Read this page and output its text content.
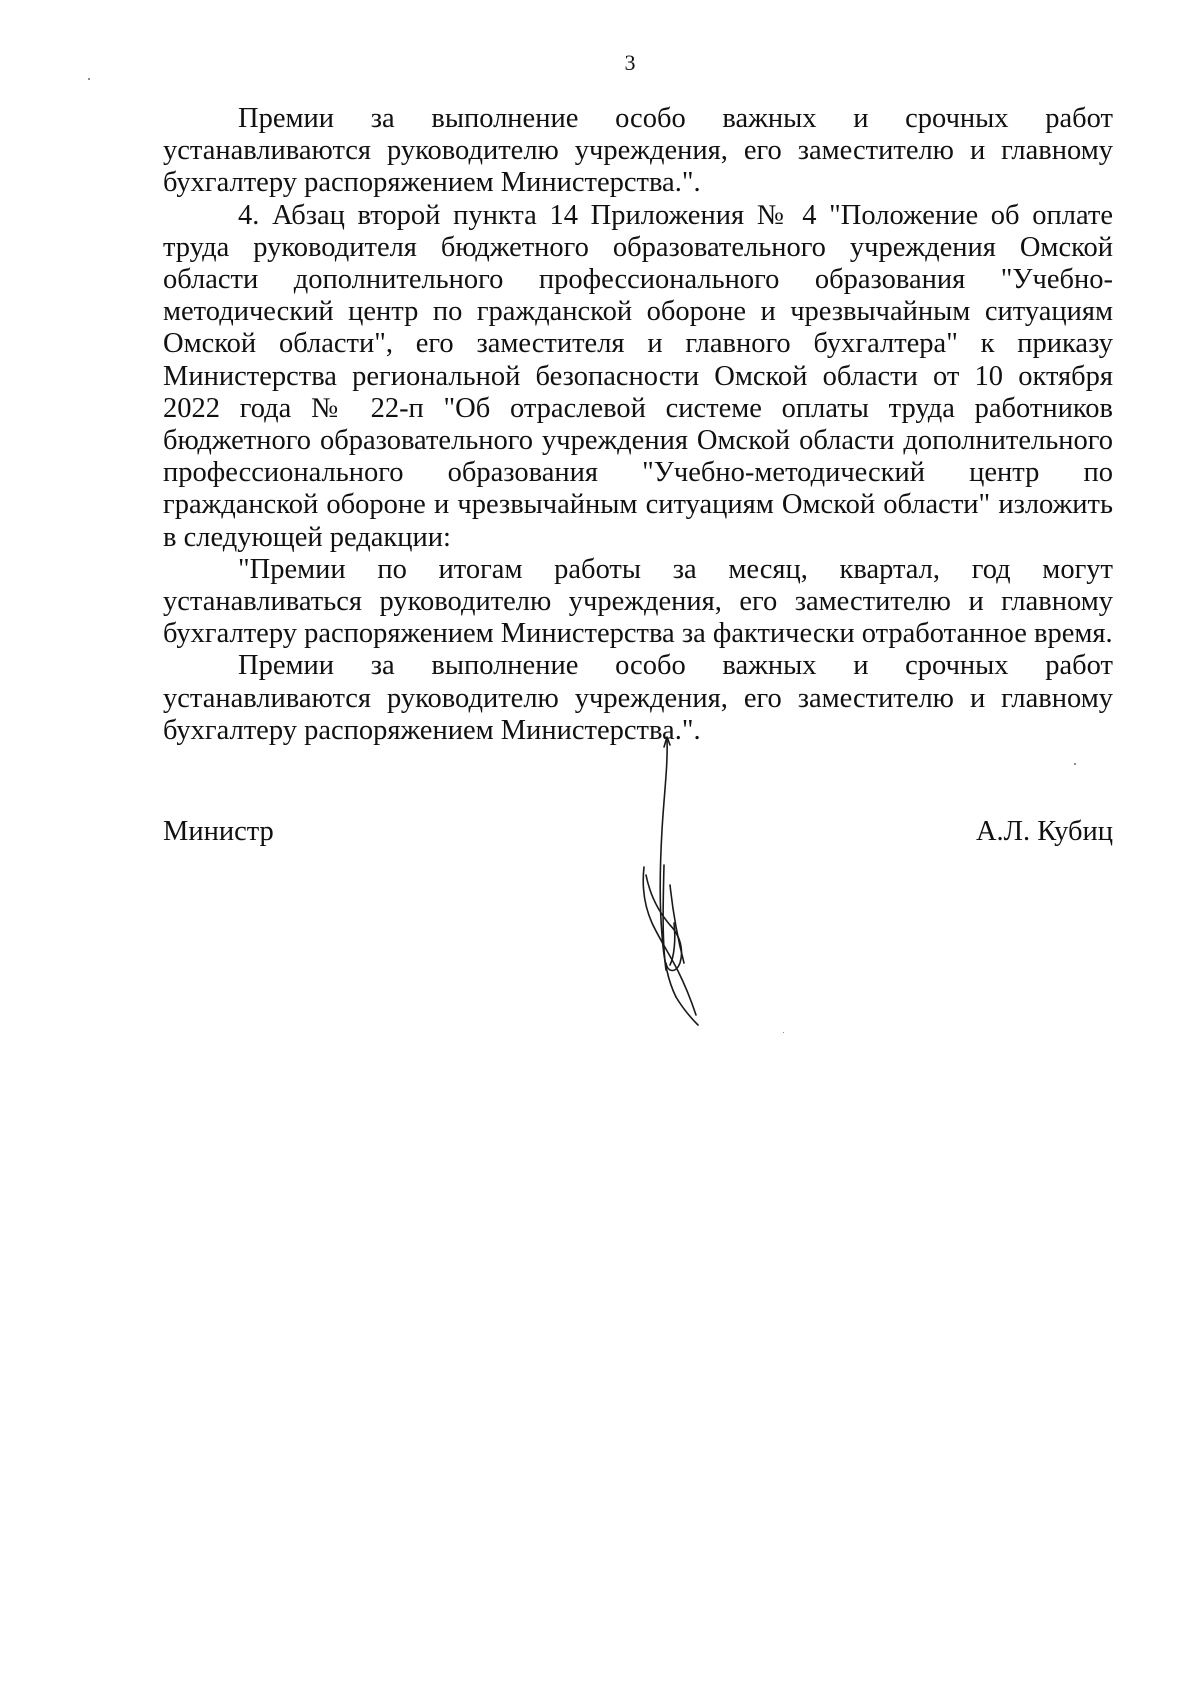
3

Премии за выполнение особо важных и срочных работ устанавливаются руководителю учреждения, его заместителю и главному бухгалтеру распоряжением Министерства.".

4. Абзац второй пункта 14 Приложения № 4 "Положение об оплате труда руководителя бюджетного образовательного учреждения Омской области дополнительного профессионального образования "Учебно-методический центр по гражданской обороне и чрезвычайным ситуациям Омской области", его заместителя и главного бухгалтера" к приказу Министерства региональной безопасности Омской области от 10 октября 2022 года № 22-п "Об отраслевой системе оплаты труда работников бюджетного образовательного учреждения Омской области дополнительного профессионального образования "Учебно-методический центр по гражданской обороне и чрезвычайным ситуациям Омской области" изложить в следующей редакции:

"Премии по итогам работы за месяц, квартал, год могут устанавливаться руководителю учреждения, его заместителю и главному бухгалтеру распоряжением Министерства за фактически отработанное время.

Премии за выполнение особо важных и срочных работ устанавливаются руководителю учреждения, его заместителю и главному бухгалтеру распоряжением Министерства.".

Министр	А.Л. Кубиц
